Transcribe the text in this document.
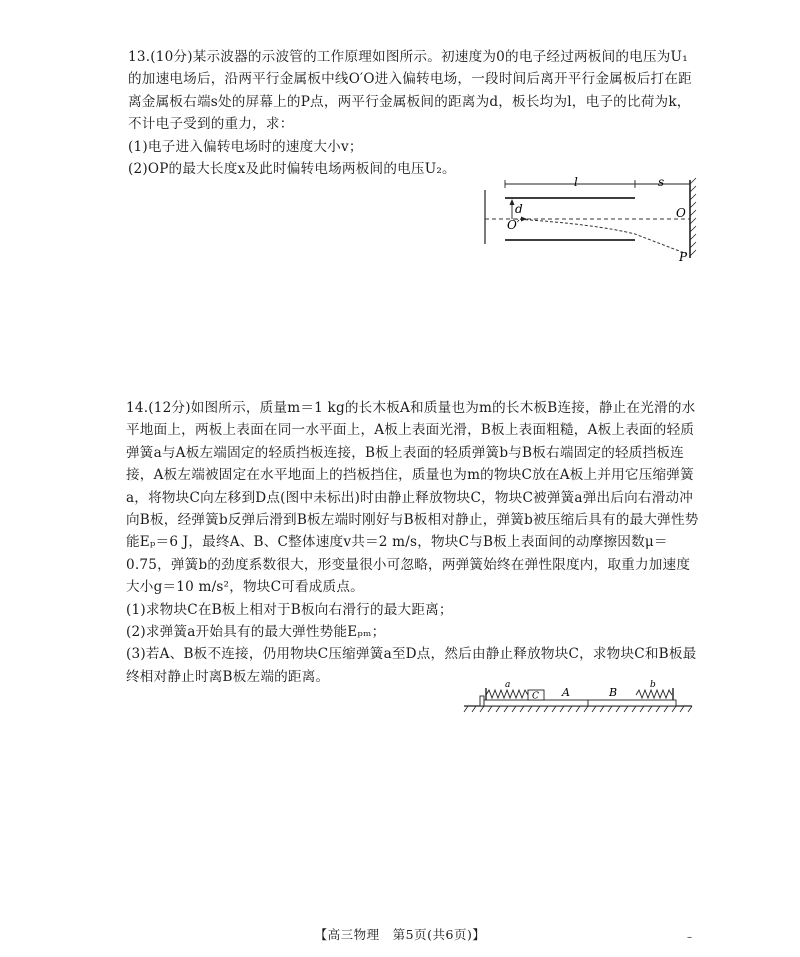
13.(10分)某示波器的示波管的工作原理如图所示。初速度为0的电子经过两板间的电压为U₁的加速电场后，沿两平行金属板中线O′O进入偏转电场，一段时间后离开平行金属板后打在距离金属板右端s处的屏幕上的P点，两平行金属板间的距离为d，板长均为l，电子的比荷为k，不计电子受到的重力，求：

(1)电子进入偏转电场时的速度大小v；

(2)OP的最大长度x及此时偏转电场两板间的电压U₂。

l	s
d
O′
O
P

14.(12分)如图所示，质量m＝1 kg的长木板A和质量也为m的长木板B连接，静止在光滑的水平地面上，两板上表面在同一水平面上，A板上表面光滑，B板上表面粗糙，A板上表面的轻质弹簧a与A板左端固定的轻质挡板连接，B板上表面的轻质弹簧b与B板右端固定的轻质挡板连接，A板左端被固定在水平地面上的挡板挡住，质量也为m的物块C放在A板上并用它压缩弹簧a，将物块C向左移到D点(图中未标出)时由静止释放物块C，物块C被弹簧a弹出后向右滑动冲向B板，经弹簧b反弹后滑到B板左端时刚好与B板相对静止，弹簧b被压缩后具有的最大弹性势能Eₚ＝6 J，最终A、B、C整体速度v共＝2 m/s，物块C与B板上表面间的动摩擦因数μ＝0.75，弹簧b的劲度系数很大，形变量很小可忽略，两弹簧始终在弹性限度内，取重力加速度大小g＝10 m/s²，物块C可看成质点。

(1)求物块C在B板上相对于B板向右滑行的最大距离；

(2)求弹簧a开始具有的最大弹性势能Eₚₘ；

(3)若A、B板不连接，仍用物块C压缩弹簧a至D点，然后由静止释放物块C，求物块C和B板最终相对静止时离B板左端的距离。

a
C A	B
b
【高三物理　第5页(共6页)】	–
